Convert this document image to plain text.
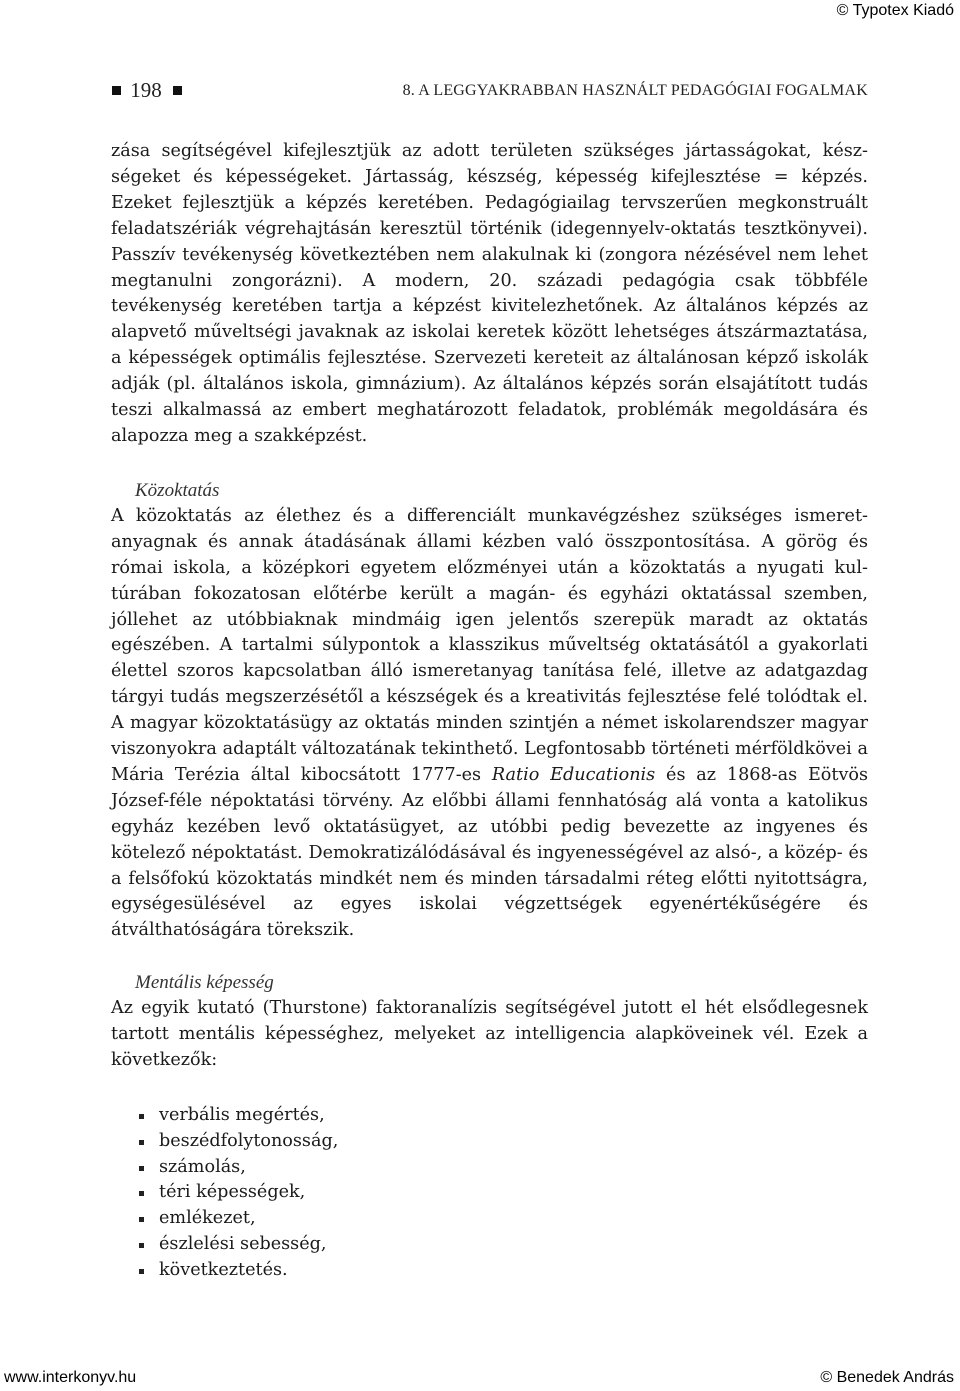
© Typotex Kiadó
198	8. A LEGGYAKRABBAN HASZNÁLT PEDAGÓGIAI FOGALMAK

zása segítségével kifejlesztjük az adott területen szükséges jártasságokat, készségeket és képességeket. Jártasság, készség, képesség kifejlesztése = képzés. Ezeket fejlesztjük a képzés keretében. Pedagógiailag tervszerűen megkonstruált feladatszériák végrehajtásán keresztül történik (idegennyelv-oktatás tesztkönyvei). Passzív tevékenység következtében nem alakulnak ki (zongora nézésével nem lehet megtanulni zongorázni). A modern, 20. századi pedagógia csak többféle tevékenység keretében tartja a képzést kivitelezhetőnek. Az általános képzés az alapvető műveltségi javaknak az iskolai keretek között lehetséges átszármaztatása, a képességek optimális fejlesztése. Szervezeti kereteit az általánosan képző iskolák adják (pl. általános iskola, gimnázium). Az általános képzés során elsajátított tudás teszi alkalmassá az embert meghatározott feladatok, problémák megoldására és alapozza meg a szakképzést.

Közoktatás

A közoktatás az élethez és a differenciált munkavégzéshez szükséges ismeretanyagnak és annak átadásának állami kézben való összpontosítása. A görög és római iskola, a középkori egyetem előzményei után a közoktatás a nyugati kultúrában fokozatosan előtérbe került a magán- és egyházi oktatással szemben, jóllehet az utóbbiaknak mindmáig igen jelentős szerepük maradt az oktatás egészében. A tartalmi súlypontok a klasszikus műveltség oktatásától a gyakorlati élettel szoros kapcsolatban álló ismeretanyag tanítása felé, illetve az adatgazdag tárgyi tudás megszerzésétől a készségek és a kreativitás fejlesztése felé tolódtak el. A magyar közoktatásügy az oktatás minden szintjén a német iskolarendszer magyar viszonyokra adaptált változatának tekinthető. Legfontosabb történeti mérföldkövei a Mária Terézia által kibocsátott 1777-es Ratio Educationis és az 1868-as Eötvös József-féle népoktatási törvény. Az előbbi állami fennhatóság alá vonta a katolikus egyház kezében levő oktatásügyet, az utóbbi pedig bevezette az ingyenes és kötelező népoktatást. Demokratizálódásával és ingyenességével az alsó-, a közép- és a felsőfokú közoktatás mindkét nem és minden társadalmi réteg előtti nyitottságra, egységesülésével az egyes iskolai végzettségek egyenértékűségére és átválthatóságára törekszik.

Mentális képesség

Az egyik kutató (Thurstone) faktoranalízis segítségével jutott el hét elsődlegesnek tartott mentális képességhez, melyeket az intelligencia alapköveinek vél. Ezek a következők:

verbális megértés,
beszédfolytonosság,
számolás,
téri képességek,
emlékezet,
észlelési sebesség,
következtetés.
www.interkonyv.hu	© Benedek András
